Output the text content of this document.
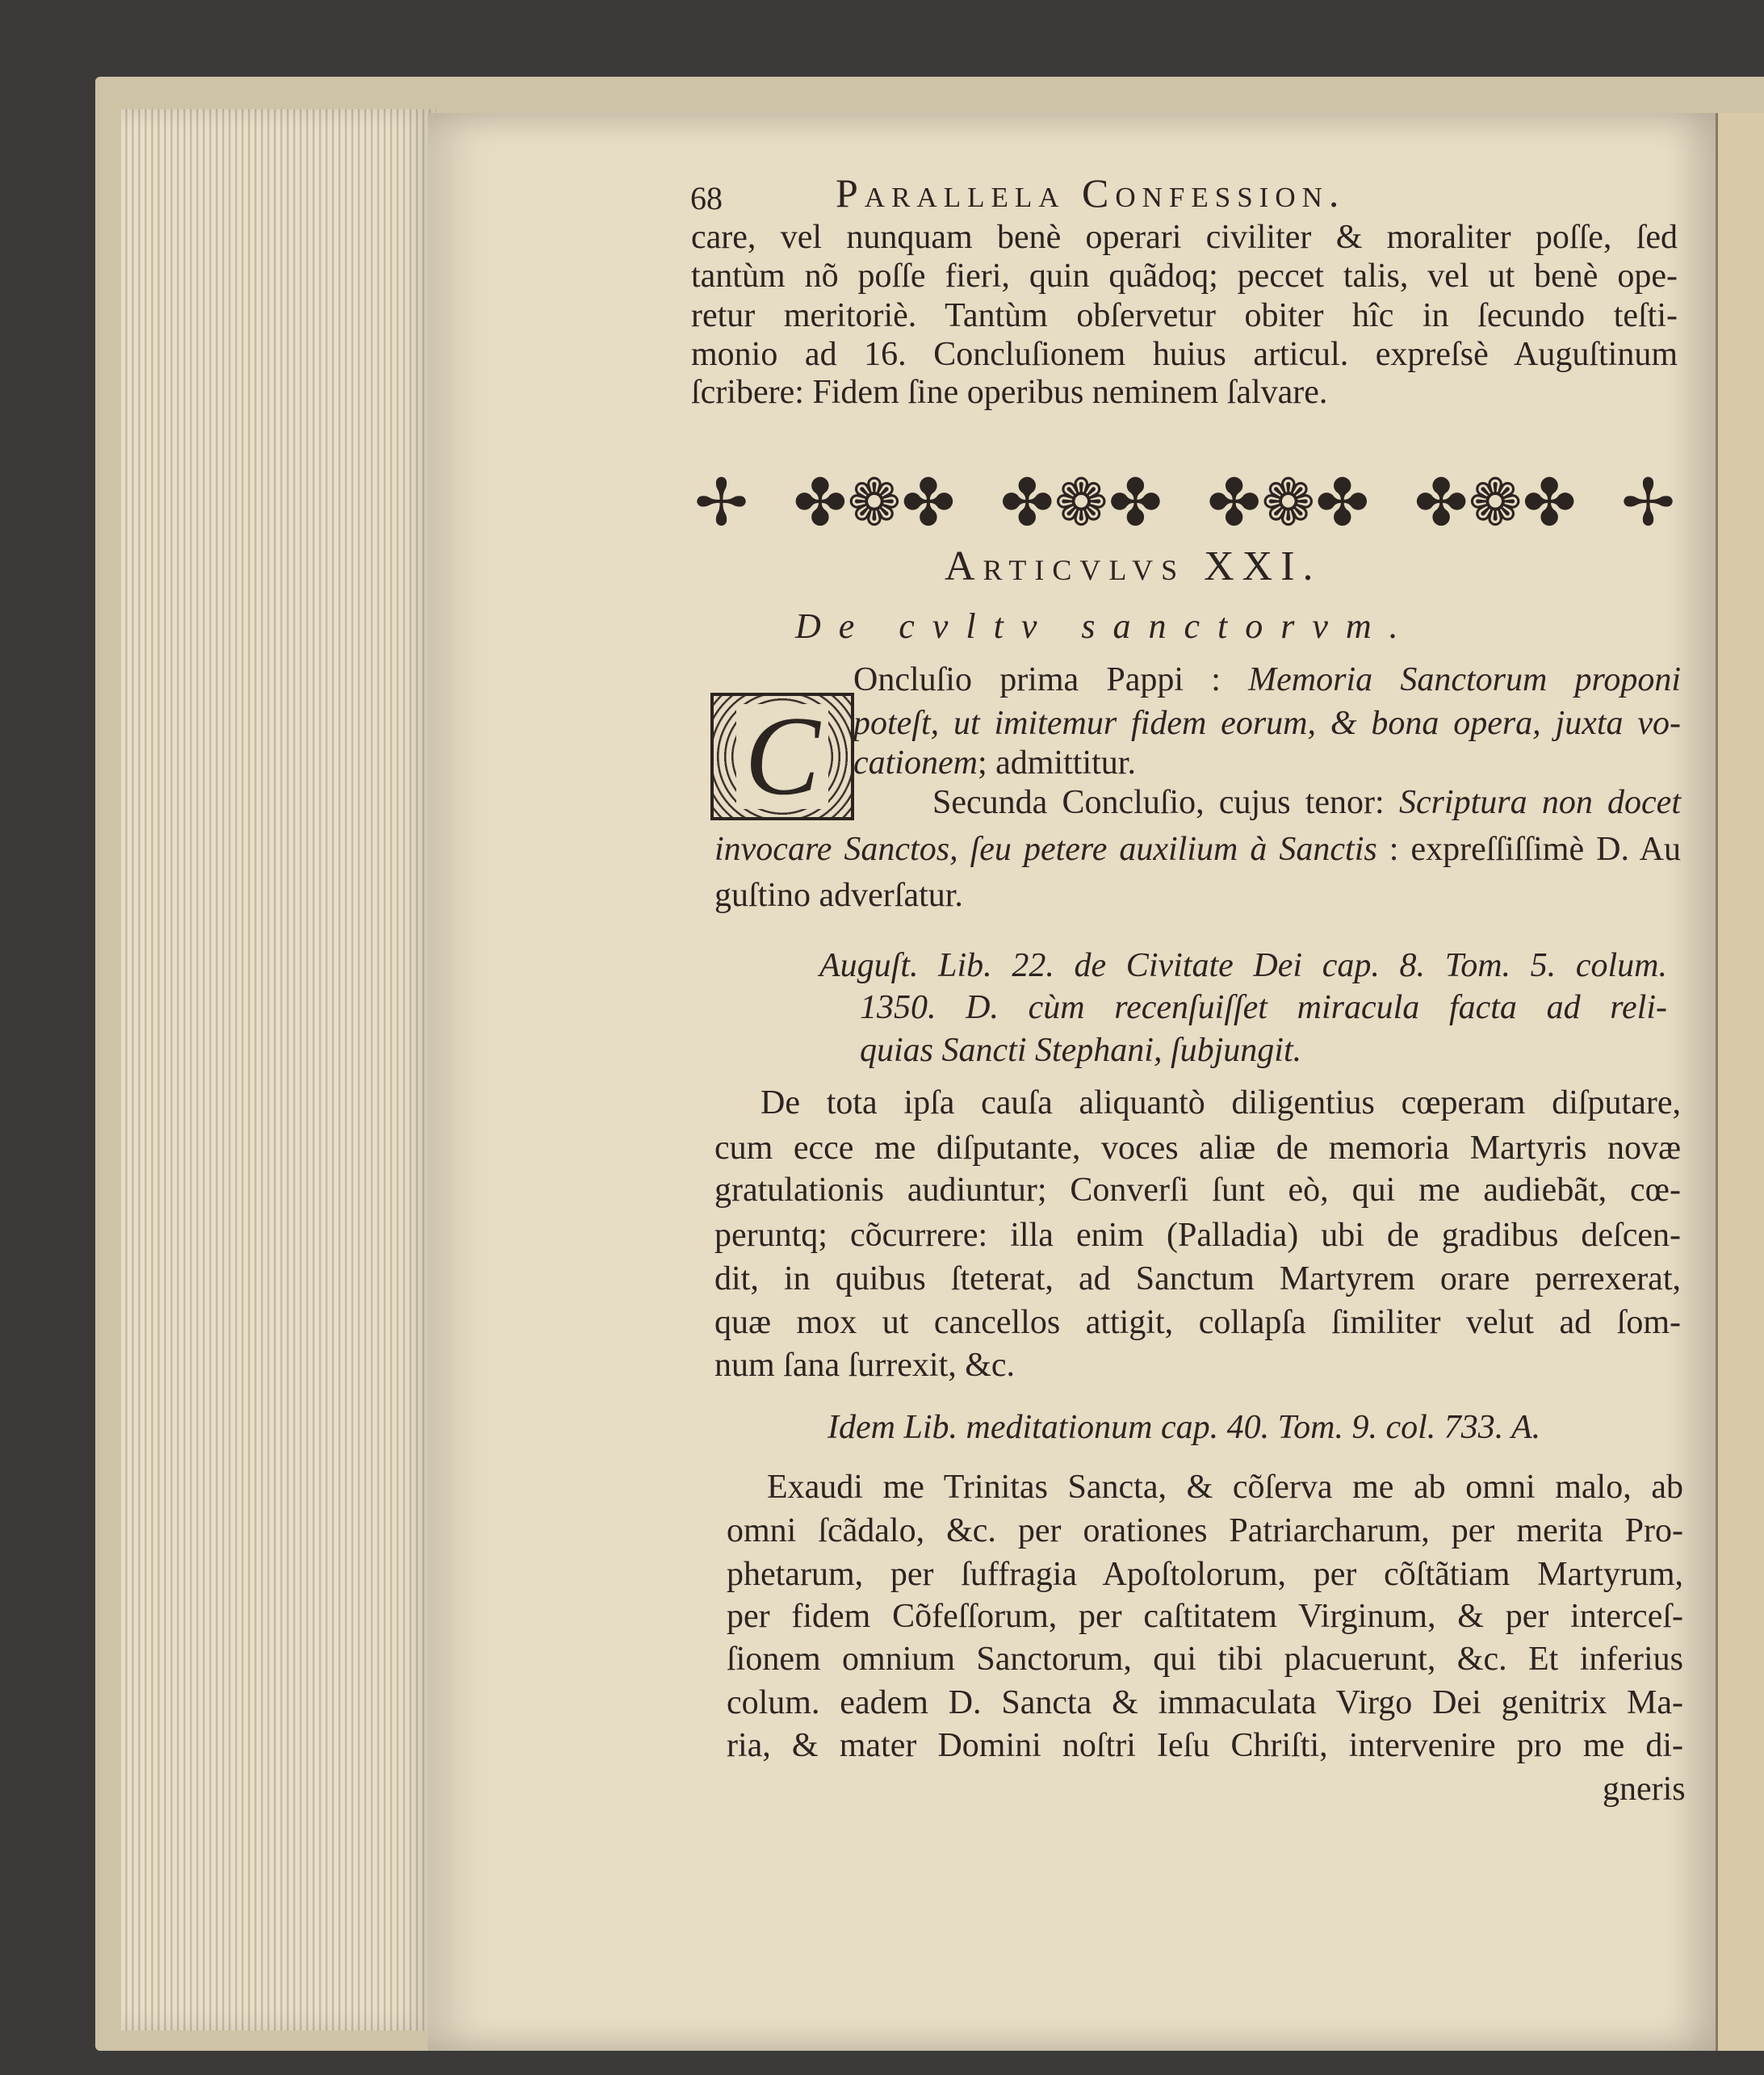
68	Parallela Confession.
care, vel nunquam benè operari civiliter & moraliter poſſe, ſed
tantùm nõ poſſe fieri, quin quãdoq; peccet talis, vel ut benè ope-
retur meritoriè. Tantùm obſervetur obiter hîc in ſecundo teſti-
monio ad 16. Concluſionem huius articul. expreſsè Auguſtinum
ſcribere: Fidem ſine operibus neminem ſalvare.
✢ ✤❁✤ ✤❁✤ ✤❁✤ ✤❁✤ ✢
Articvlvs XXI.
De cvltv sanctorvm.
C
Oncluſio prima Pappi : Memoria Sanctorum proponi
poteſt, ut imitemur fidem eorum, & bona opera, juxta vo-
cationem; admittitur.
Secunda Concluſio, cujus tenor: Scriptura non docet
invocare Sanctos, ſeu petere auxilium à Sanctis : expreſſiſſimè D. Au
guſtino adverſatur.
Auguſt. Lib. 22. de Civitate Dei cap. 8. Tom. 5. colum.
1350. D. cùm recenſuiſſet miracula facta ad reli-
quias Sancti Stephani, ſubjungit.
De tota ipſa cauſa aliquantò diligentius cœperam diſputare,
cum ecce me diſputante, voces aliæ de memoria Martyris novæ
gratulationis audiuntur; Converſi ſunt eò, qui me audiebãt, cœ-
peruntq; cõcurrere: illa enim (Palladia) ubi de gradibus deſcen-
dit, in quibus ſteterat, ad Sanctum Martyrem orare perrexerat,
quæ mox ut cancellos attigit, collapſa ſimiliter velut ad ſom-
num ſana ſurrexit, &c.
Idem Lib. meditationum cap. 40. Tom. 9. col. 733. A.
Exaudi me Trinitas Sancta, & cõſerva me ab omni malo, ab
omni ſcãdalo, &c. per orationes Patriarcharum, per merita Pro-
phetarum, per ſuffragia Apoſtolorum, per cõſtãtiam Martyrum,
per fidem Cõfeſſorum, per caſtitatem Virginum, & per interceſ-
ſionem omnium Sanctorum, qui tibi placuerunt, &c. Et inferius
colum. eadem D. Sancta & immaculata Virgo Dei genitrix Ma-
ria, & mater Domini noſtri Ieſu Chriſti, intervenire pro me di-
gneris
